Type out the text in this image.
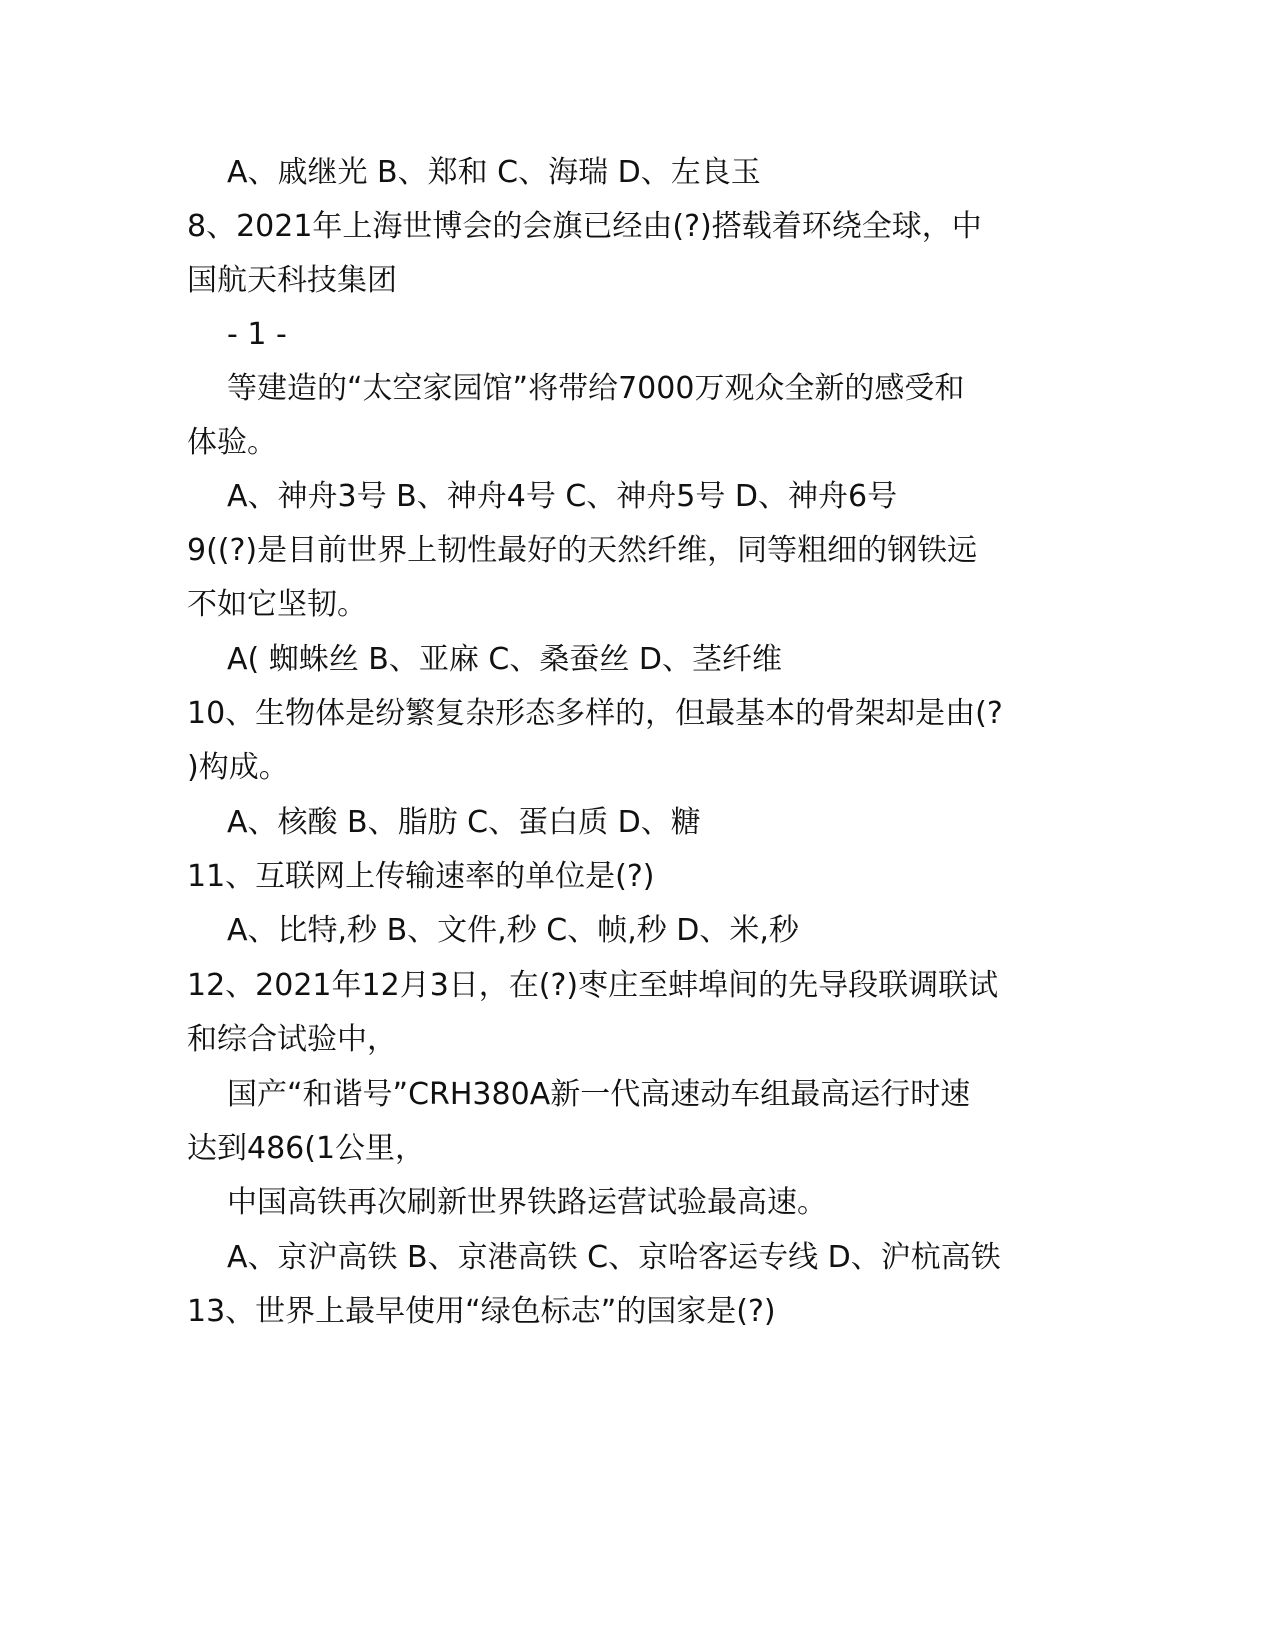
A、戚继光 B、郑和 C、海瑞 D、左良玉
8、2021年上海世博会的会旗已经由(?)搭载着环绕全球，中
国航天科技集团
- 1 -
等建造的“太空家园馆”将带给7000万观众全新的感受和
体验。
A、神舟3号 B、神舟4号 C、神舟5号 D、神舟6号
9((?)是目前世界上韧性最好的天然纤维，同等粗细的钢铁远
不如它坚韧。
A( 蜘蛛丝 B、亚麻 C、桑蚕丝 D、茎纤维
10、生物体是纷繁复杂形态多样的，但最基本的骨架却是由(?
)构成。
A、核酸 B、脂肪 C、蛋白质 D、糖
11、互联网上传输速率的单位是(?)
A、比特,秒 B、文件,秒 C、帧,秒 D、米,秒
12、2021年12月3日，在(?)枣庄至蚌埠间的先导段联调联试
和综合试验中，
国产“和谐号”CRH380A新一代高速动车组最高运行时速
达到486(1公里，
中国高铁再次刷新世界铁路运营试验最高速。
A、京沪高铁 B、京港高铁 C、京哈客运专线 D、沪杭高铁
13、世界上最早使用“绿色标志”的国家是(?)
